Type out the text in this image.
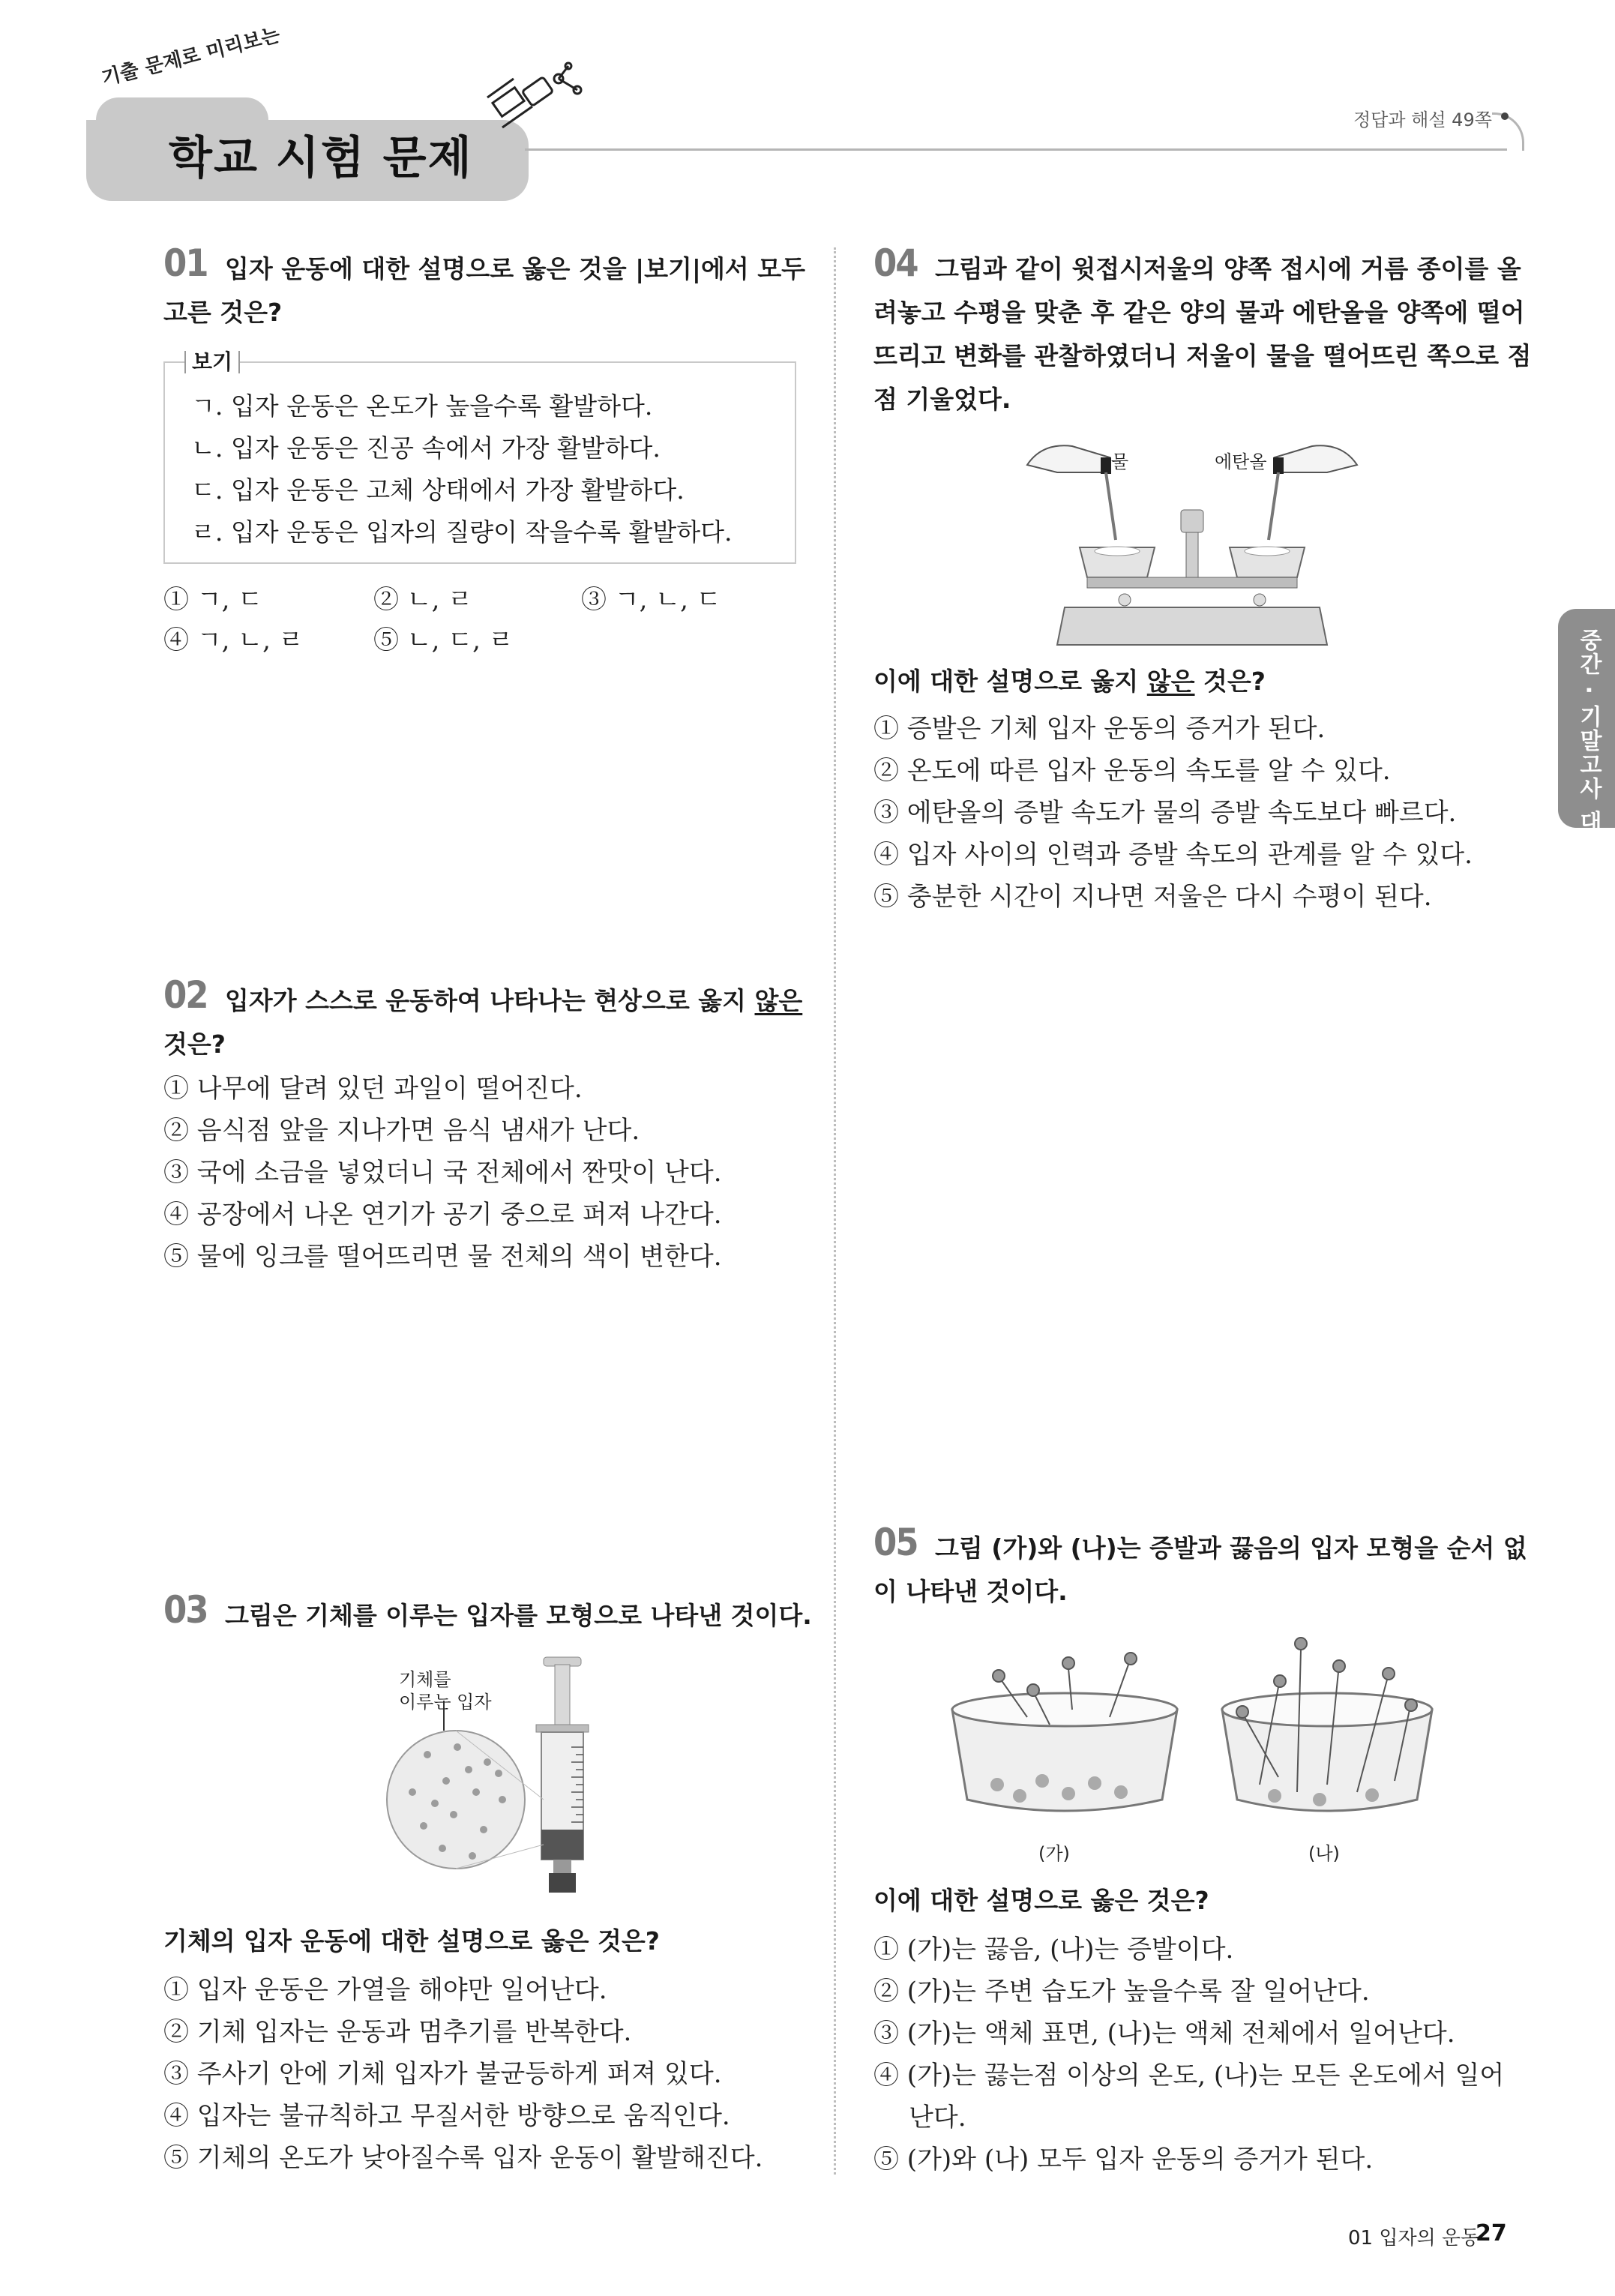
기출 문제로 미리보는
학교 시험 문제
정답과 해설 49쪽
중간 · 기말고사 대비
01 입자 운동에 대한 설명으로 옳은 것을 |보기|에서 모두
고른 것은?
보기
ㄱ. 입자 운동은 온도가 높을수록 활발하다.
ㄴ. 입자 운동은 진공 속에서 가장 활발하다.
ㄷ. 입자 운동은 고체 상태에서 가장 활발하다.
ㄹ. 입자 운동은 입자의 질량이 작을수록 활발하다.
① ㄱ, ㄷ	② ㄴ, ㄹ	③ ㄱ, ㄴ, ㄷ
④ ㄱ, ㄴ, ㄹ	⑤ ㄴ, ㄷ, ㄹ
02 입자가 스스로 운동하여 나타나는 현상으로 옳지 않은
것은?
① 나무에 달려 있던 과일이 떨어진다.
② 음식점 앞을 지나가면 음식 냄새가 난다.
③ 국에 소금을 넣었더니 국 전체에서 짠맛이 난다.
④ 공장에서 나온 연기가 공기 중으로 퍼져 나간다.
⑤ 물에 잉크를 떨어뜨리면 물 전체의 색이 변한다.
03 그림은 기체를 이루는 입자를 모형으로 나타낸 것이다.
기체를
이루는 입자
기체의 입자 운동에 대한 설명으로 옳은 것은?
① 입자 운동은 가열을 해야만 일어난다.
② 기체 입자는 운동과 멈추기를 반복한다.
③ 주사기 안에 기체 입자가 불균등하게 퍼져 있다.
④ 입자는 불규칙하고 무질서한 방향으로 움직인다.
⑤ 기체의 온도가 낮아질수록 입자 운동이 활발해진다.
04 그림과 같이 윗접시저울의 양쪽 접시에 거름 종이를 올
려놓고 수평을 맞춘 후 같은 양의 물과 에탄올을 양쪽에 떨어
뜨리고 변화를 관찰하였더니 저울이 물을 떨어뜨린 쪽으로 점
점 기울었다.
물	에탄올
이에 대한 설명으로 옳지 않은 것은?
① 증발은 기체 입자 운동의 증거가 된다.
② 온도에 따른 입자 운동의 속도를 알 수 있다.
③ 에탄올의 증발 속도가 물의 증발 속도보다 빠르다.
④ 입자 사이의 인력과 증발 속도의 관계를 알 수 있다.
⑤ 충분한 시간이 지나면 저울은 다시 수평이 된다.
05 그림 (가)와 (나)는 증발과 끓음의 입자 모형을 순서 없
이 나타낸 것이다.
(가)	(나)
이에 대한 설명으로 옳은 것은?
① (가)는 끓음, (나)는 증발이다.
② (가)는 주변 습도가 높을수록 잘 일어난다.
③ (가)는 액체 표면, (나)는 액체 전체에서 일어난다.
④ (가)는 끓는점 이상의 온도, (나)는 모든 온도에서 일어
난다.
⑤ (가)와 (나) 모두 입자 운동의 증거가 된다.
01 입자의 운동
27
